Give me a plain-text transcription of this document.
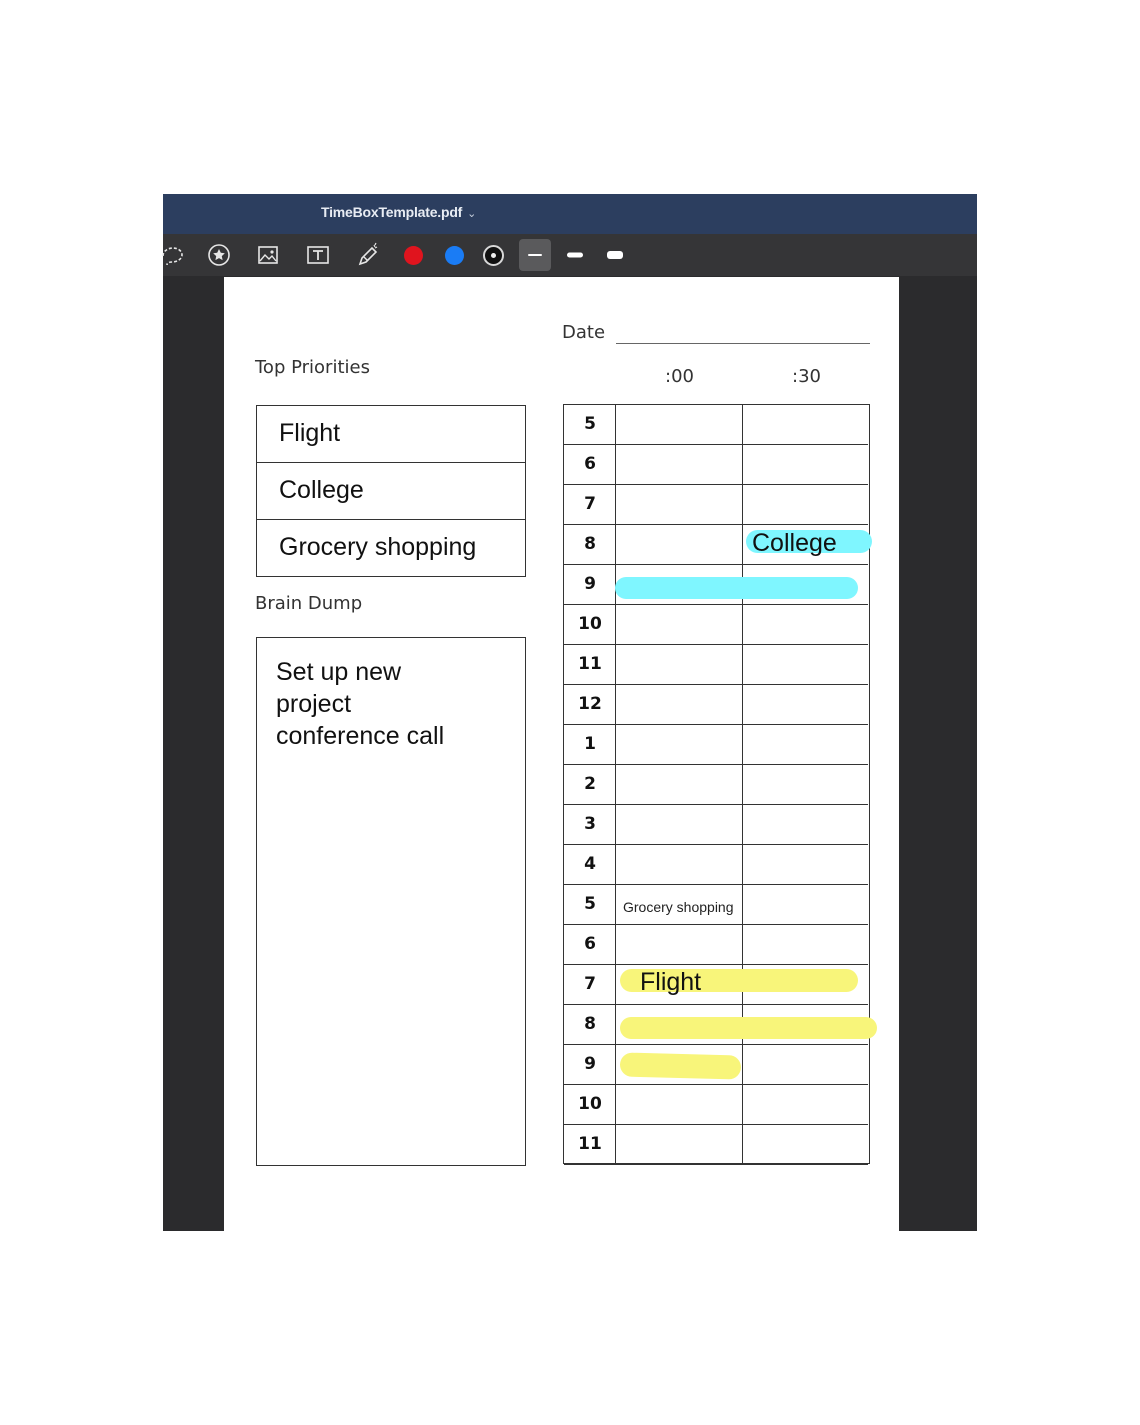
TimeBoxTemplate.pdf ⌄
Date
:00	:30
Top Priorities
Flight
College
Grocery shopping
Brain Dump
Set up new
project
conference call
5
6
7
8
9
10
11
12
1
2
3
4
5
6
7
8
9
10
11
College
Grocery shopping
Flight
